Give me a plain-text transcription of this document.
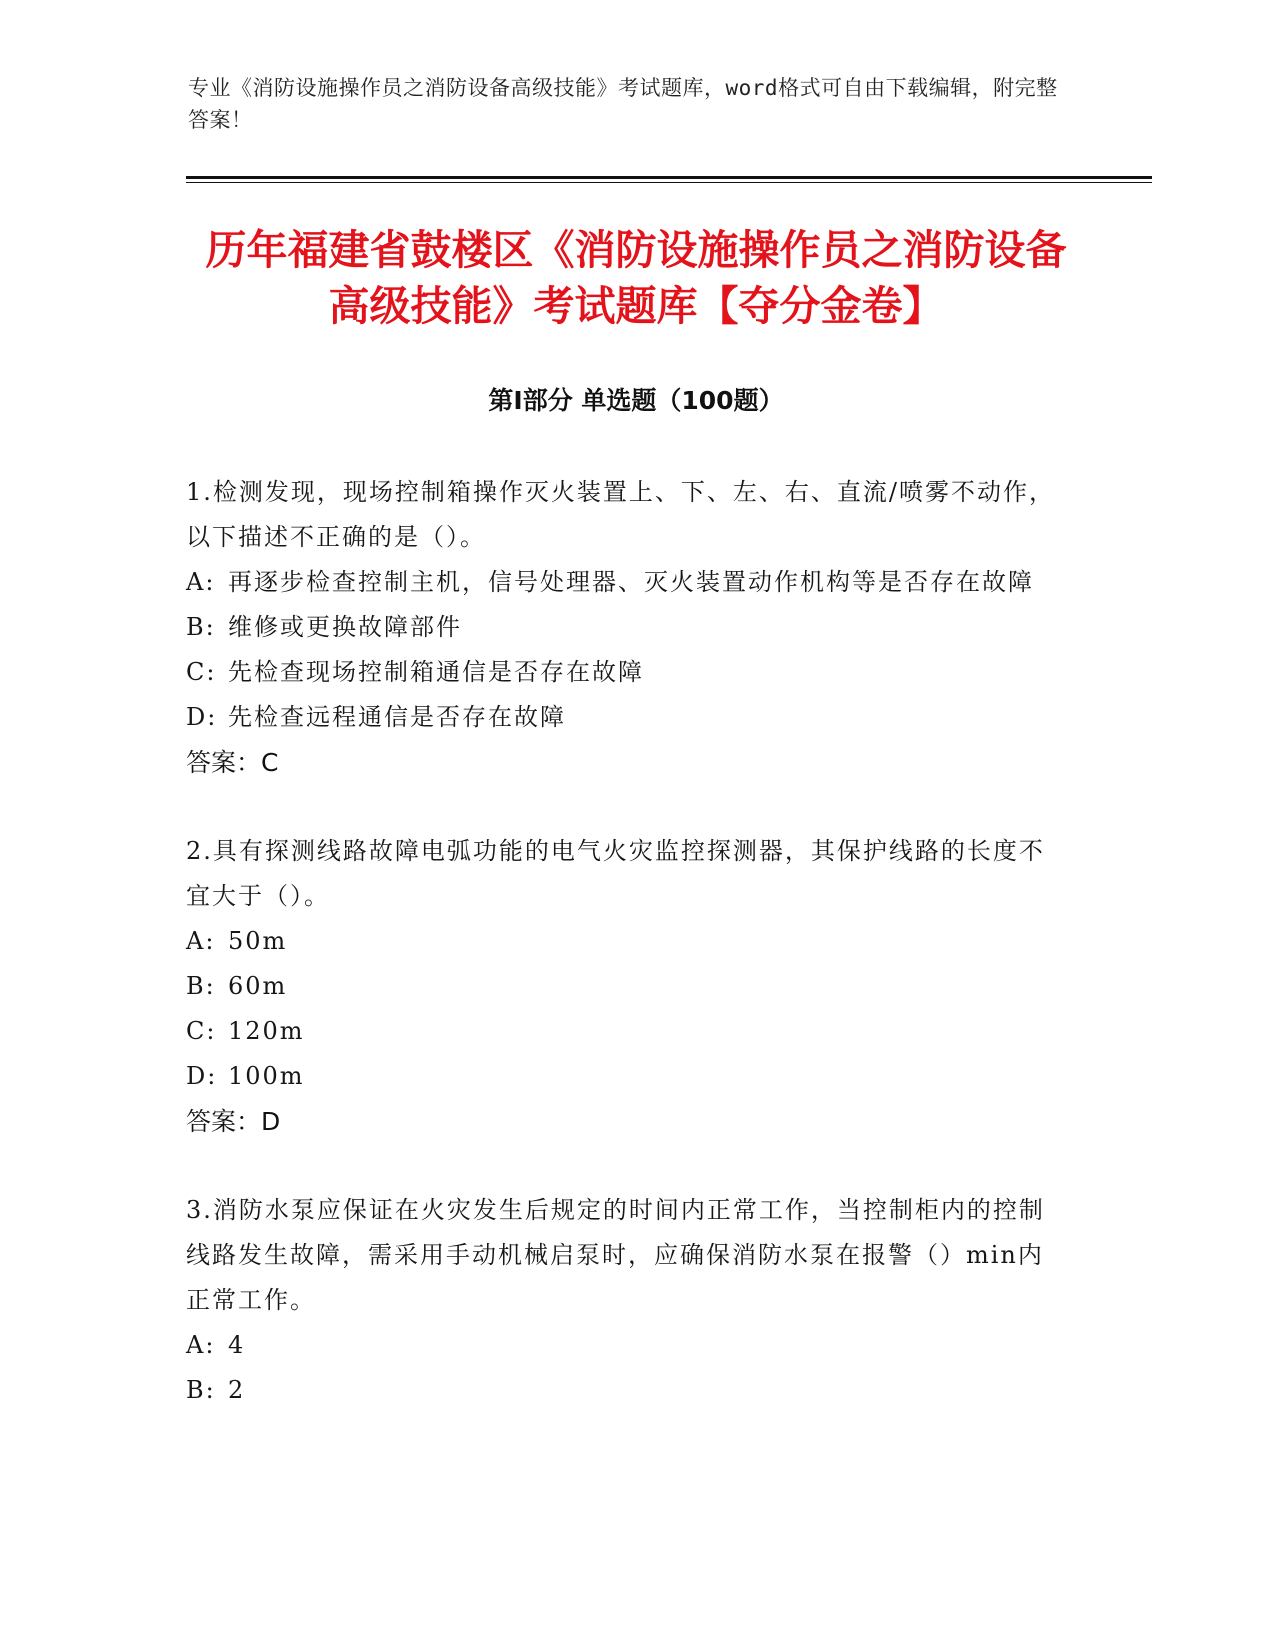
专业《消防设施操作员之消防设备高级技能》考试题库，word格式可自由下载编辑，附完整答案！
历年福建省鼓楼区《消防设施操作员之消防设备高级技能》考试题库【夺分金卷】
第I部分 单选题（100题）
1.检测发现，现场控制箱操作灭火装置上、下、左、右、直流/喷雾不动作，以下描述不正确的是（）。
A: 再逐步检查控制主机，信号处理器、灭火装置动作机构等是否存在故障
B: 维修或更换故障部件
C: 先检查现场控制箱通信是否存在故障
D: 先检查远程通信是否存在故障
答案：C
2.具有探测线路故障电弧功能的电气火灾监控探测器，其保护线路的长度不宜大于（）。
A: 50m
B: 60m
C: 120m
D: 100m
答案：D
3.消防水泵应保证在火灾发生后规定的时间内正常工作，当控制柜内的控制线路发生故障，需采用手动机械启泵时，应确保消防水泵在报警（）min内正常工作。
A: 4
B: 2
